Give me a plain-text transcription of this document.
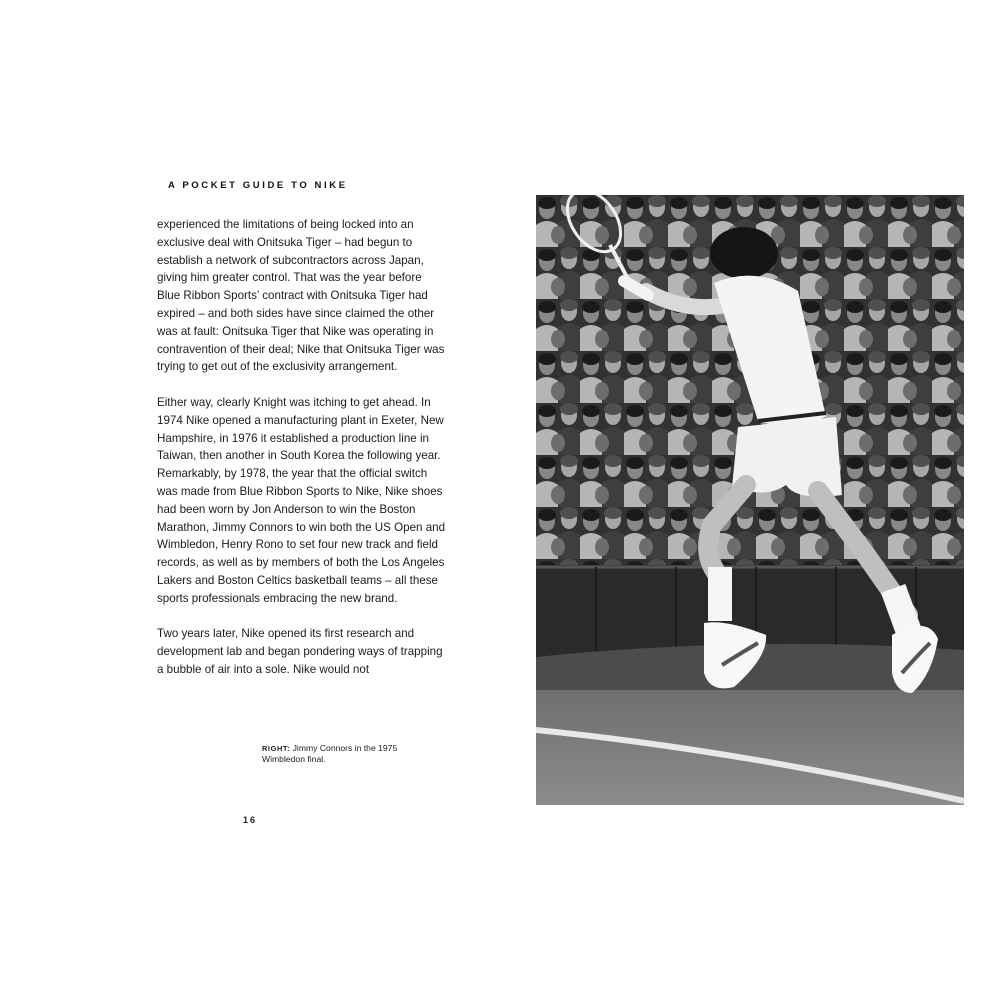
A POCKET GUIDE TO NIKE

experienced the limitations of being locked into an exclusive deal with Onitsuka Tiger – had begun to establish a network of subcontractors across Japan, giving him greater control. That was the year before Blue Ribbon Sports’ contract with Onitsuka Tiger had expired – and both sides have since claimed the other was at fault: Onitsuka Tiger that Nike was operating in contravention of their deal; Nike that Onitsuka Tiger was trying to get out of the exclusivity arrangement.

Either way, clearly Knight was itching to get ahead. In 1974 Nike opened a manufacturing plant in Exeter, New Hampshire, in 1976 it established a production line in Taiwan, then another in South Korea the following year. Remarkably, by 1978, the year that the official switch was made from Blue Ribbon Sports to Nike, Nike shoes had been worn by Jon Anderson to win the Boston Marathon, Jimmy Connors to win both the US Open and Wimbledon, Henry Rono to set four new track and field records, as well as by members of both the Los Angeles Lakers and Boston Celtics basketball teams – all these sports professionals embracing the new brand.

Two years later, Nike opened its first research and development lab and began pondering ways of trapping a bubble of air into a sole. Nike would not

RIGHT: Jimmy Connors in the 1975 Wimbledon final.
16
